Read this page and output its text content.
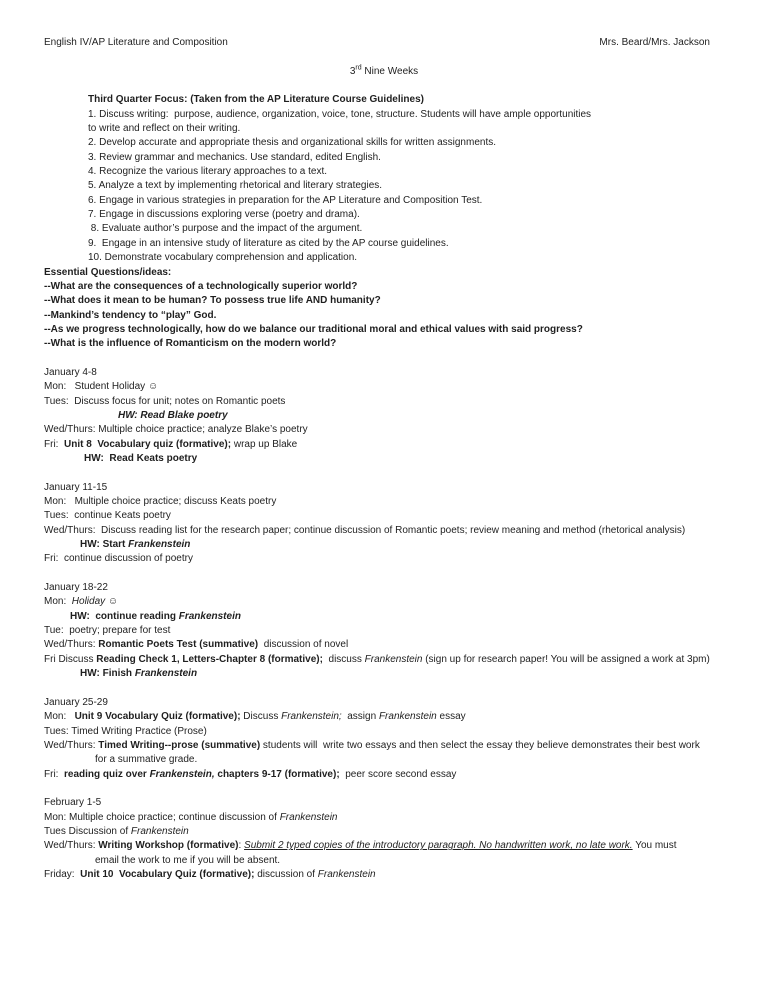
English IV/AP Literature and Composition	Mrs. Beard/Mrs. Jackson
3rd Nine Weeks
Third Quarter Focus: (Taken from the AP Literature Course Guidelines)
1. Discuss writing:  purpose, audience, organization, voice, tone, structure. Students will have ample opportunities
to write and reflect on their writing.
2. Develop accurate and appropriate thesis and organizational skills for written assignments.
3. Review grammar and mechanics. Use standard, edited English.
4. Recognize the various literary approaches to a text.
5. Analyze a text by implementing rhetorical and literary strategies.
6. Engage in various strategies in preparation for the AP Literature and Composition Test.
7. Engage in discussions exploring verse (poetry and drama).
8. Evaluate author’s purpose and the impact of the argument.
9.  Engage in an intensive study of literature as cited by the AP course guidelines.
10. Demonstrate vocabulary comprehension and application.
Essential Questions/ideas:
--What are the consequences of a technologically superior world?
--What does it mean to be human? To possess true life AND humanity?
--Mankind’s tendency to “play” God.
--As we progress technologically, how do we balance our traditional moral and ethical values with said progress?
--What is the influence of Romanticism on the modern world?

January 4-8
Mon:   Student Holiday ☺
Tues:  Discuss focus for unit; notes on Romantic poets
HW: Read Blake poetry
Wed/Thurs: Multiple choice practice; analyze Blake’s poetry
Fri:  Unit 8  Vocabulary quiz (formative); wrap up Blake
HW:  Read Keats poetry

January 11-15
Mon:   Multiple choice practice; discuss Keats poetry
Tues:  continue Keats poetry
Wed/Thurs:  Discuss reading list for the research paper; continue discussion of Romantic poets; review meaning and method (rhetorical analysis)
HW: Start Frankenstein
Fri:  continue discussion of poetry

January 18-22
Mon:  Holiday ☺
HW:  continue reading Frankenstein
Tue:  poetry; prepare for test
Wed/Thurs: Romantic Poets Test (summative)  discussion of novel
Fri Discuss Reading Check 1, Letters-Chapter 8 (formative);  discuss Frankenstein (sign up for research paper! You will be assigned a work at 3pm)
HW: Finish Frankenstein

January 25-29
Mon:   Unit 9 Vocabulary Quiz (formative); Discuss Frankenstein;  assign Frankenstein essay
Tues: Timed Writing Practice (Prose)
Wed/Thurs: Timed Writing--prose (summative) students will  write two essays and then select the essay they believe demonstrates their best work
for a summative grade.
Fri:  reading quiz over Frankenstein, chapters 9-17 (formative);  peer score second essay

February 1-5
Mon: Multiple choice practice; continue discussion of Frankenstein
Tues Discussion of Frankenstein
Wed/Thurs: Writing Workshop (formative): Submit 2 typed copies of the introductory paragraph. No handwritten work, no late work. You must
email the work to me if you will be absent.
Friday:  Unit 10  Vocabulary Quiz (formative); discussion of Frankenstein
